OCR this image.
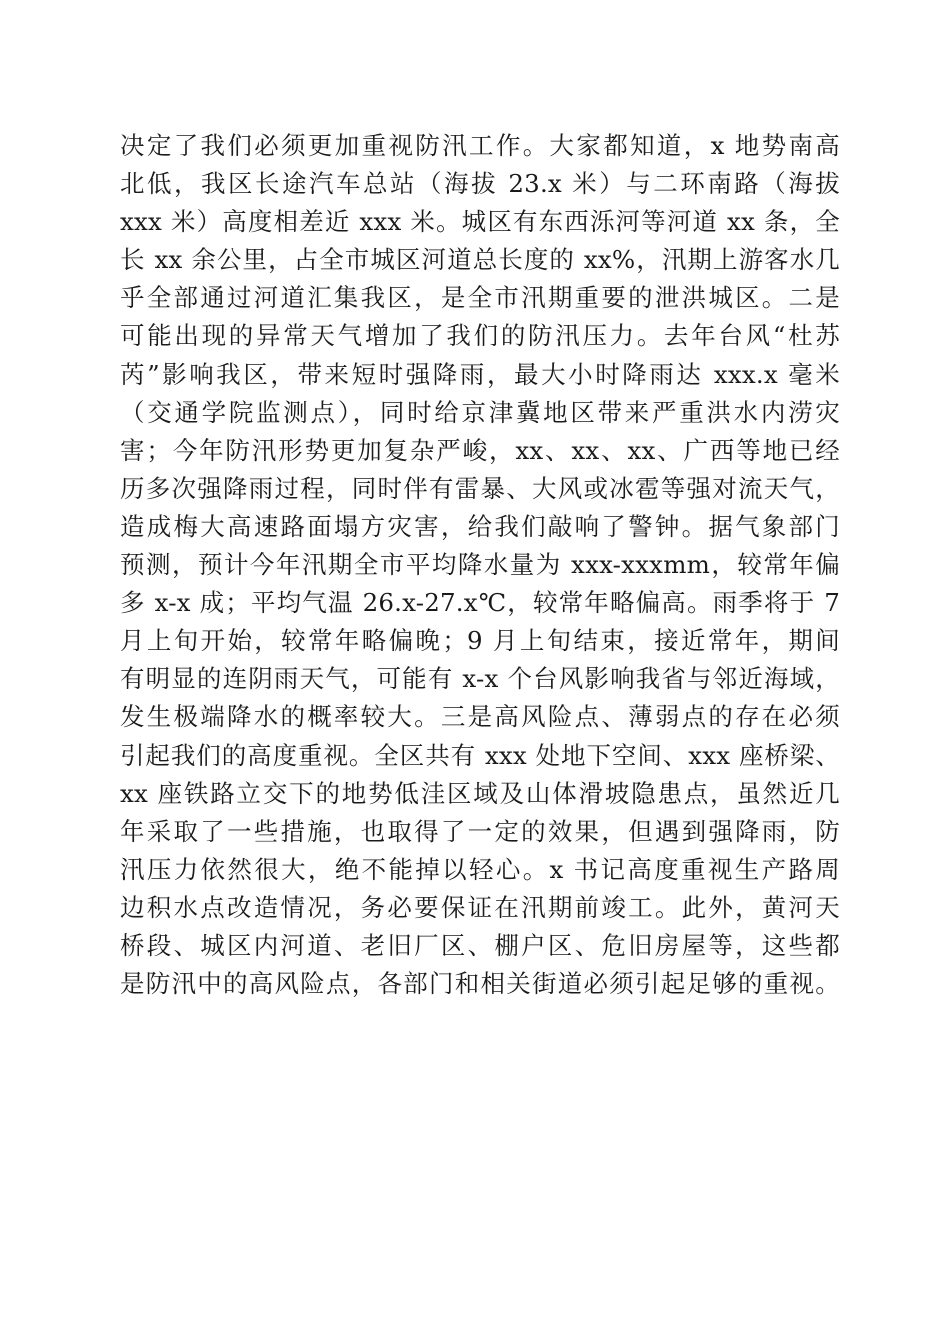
决定了我们必须更加重视防汛工作。大家都知道，x 地势南高
北低，我区长途汽车总站（海拔 23.x 米）与二环南路（海拔
xxx 米）高度相差近 xxx 米。城区有东西泺河等河道 xx 条，全
长 xx 余公里，占全市城区河道总长度的 xx%，汛期上游客水几
乎全部通过河道汇集我区，是全市汛期重要的泄洪城区。二是
可能出现的异常天气增加了我们的防汛压力。去年台风“杜苏
芮”影响我区，带来短时强降雨，最大小时降雨达 xxx.x 毫米
（交通学院监测点），同时给京津冀地区带来严重洪水内涝灾
害；今年防汛形势更加复杂严峻，xx、xx、xx、广西等地已经
历多次强降雨过程，同时伴有雷暴、大风或冰雹等强对流天气，
造成梅大高速路面塌方灾害，给我们敲响了警钟。据气象部门
预测，预计今年汛期全市平均降水量为 xxx-xxxmm，较常年偏
多 x-x 成；平均气温 26.x-27.x℃，较常年略偏高。雨季将于 7
月上旬开始，较常年略偏晚；9 月上旬结束，接近常年，期间
有明显的连阴雨天气，可能有 x-x 个台风影响我省与邻近海域，
发生极端降水的概率较大。三是高风险点、薄弱点的存在必须
引起我们的高度重视。全区共有 xxx 处地下空间、xxx 座桥梁、
xx 座铁路立交下的地势低洼区域及山体滑坡隐患点，虽然近几
年采取了一些措施，也取得了一定的效果，但遇到强降雨，防
汛压力依然很大，绝不能掉以轻心。x 书记高度重视生产路周
边积水点改造情况，务必要保证在汛期前竣工。此外，黄河天
桥段、城区内河道、老旧厂区、棚户区、危旧房屋等，这些都
是防汛中的高风险点，各部门和相关街道必须引起足够的重视。
